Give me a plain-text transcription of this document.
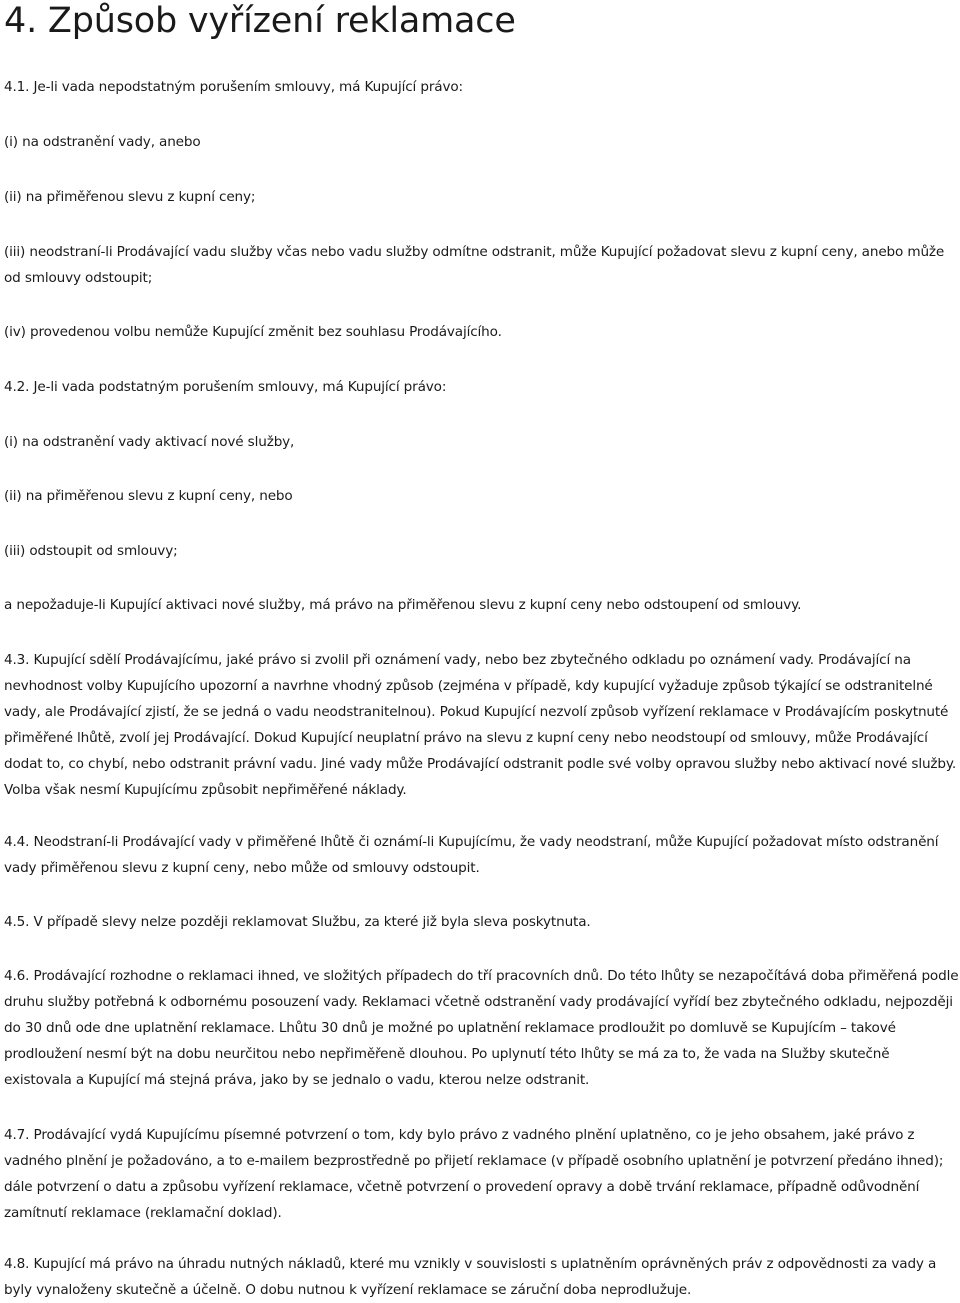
4. Způsob vyřízení reklamace

4.1. Je-li vada nepodstatným porušením smlouvy, má Kupující právo:

(i) na odstranění vady, anebo

(ii) na přiměřenou slevu z kupní ceny;

(iii) neodstraní-li Prodávající vadu služby včas nebo vadu služby odmítne odstranit, může Kupující požadovat slevu z kupní ceny, anebo může od smlouvy odstoupit;

(iv) provedenou volbu nemůže Kupující změnit bez souhlasu Prodávajícího.

4.2. Je-li vada podstatným porušením smlouvy, má Kupující právo:

(i) na odstranění vady aktivací nové služby,

(ii) na přiměřenou slevu z kupní ceny, nebo

(iii) odstoupit od smlouvy;

a nepožaduje-li Kupující aktivaci nové služby, má právo na přiměřenou slevu z kupní ceny nebo odstoupení od smlouvy.

4.3. Kupující sdělí Prodávajícímu, jaké právo si zvolil při oznámení vady, nebo bez zbytečného odkladu po oznámení vady. Prodávající na nevhodnost volby Kupujícího upozorní a navrhne vhodný způsob (zejména v případě, kdy kupující vyžaduje způsob týkající se odstranitelné vady, ale Prodávající zjistí, že se jedná o vadu neodstranitelnou). Pokud Kupující nezvolí způsob vyřízení reklamace v Prodávajícím poskytnuté přiměřené lhůtě, zvolí jej Prodávající. Dokud Kupující neuplatní právo na slevu z kupní ceny nebo neodstoupí od smlouvy, může Prodávající dodat to, co chybí, nebo odstranit právní vadu. Jiné vady může Prodávající odstranit podle své volby opravou služby nebo aktivací nové služby. Volba však nesmí Kupujícímu způsobit nepřiměřené náklady.

4.4. Neodstraní-li Prodávající vady v přiměřené lhůtě či oznámí-li Kupujícímu, že vady neodstraní, může Kupující požadovat místo odstranění vady přiměřenou slevu z kupní ceny, nebo může od smlouvy odstoupit.

4.5. V případě slevy nelze později reklamovat Službu, za které již byla sleva poskytnuta.

4.6. Prodávající rozhodne o reklamaci ihned, ve složitých případech do tří pracovních dnů. Do této lhůty se nezapočítává doba přiměřená podle druhu služby potřebná k odbornému posouzení vady. Reklamaci včetně odstranění vady prodávající vyřídí bez zbytečného odkladu, nejpozději do 30 dnů ode dne uplatnění reklamace. Lhůtu 30 dnů je možné po uplatnění reklamace prodloužit po domluvě se Kupujícím – takové prodloužení nesmí být na dobu neurčitou nebo nepřiměřeně dlouhou. Po uplynutí této lhůty se má za to, že vada na Služby skutečně existovala a Kupující má stejná práva, jako by se jednalo o vadu, kterou nelze odstranit.

4.7. Prodávající vydá Kupujícímu písemné potvrzení o tom, kdy bylo právo z vadného plnění uplatněno, co je jeho obsahem, jaké právo z vadného plnění je požadováno, a to e-mailem bezprostředně po přijetí reklamace (v případě osobního uplatnění je potvrzení předáno ihned); dále potvrzení o datu a způsobu vyřízení reklamace, včetně potvrzení o provedení opravy a době trvání reklamace, případně odůvodnění zamítnutí reklamace (reklamační doklad).

4.8. Kupující má právo na úhradu nutných nákladů, které mu vznikly v souvislosti s uplatněním oprávněných práv z odpovědnosti za vady a byly vynaloženy skutečně a účelně. O dobu nutnou k vyřízení reklamace se záruční doba neprodlužuje.
